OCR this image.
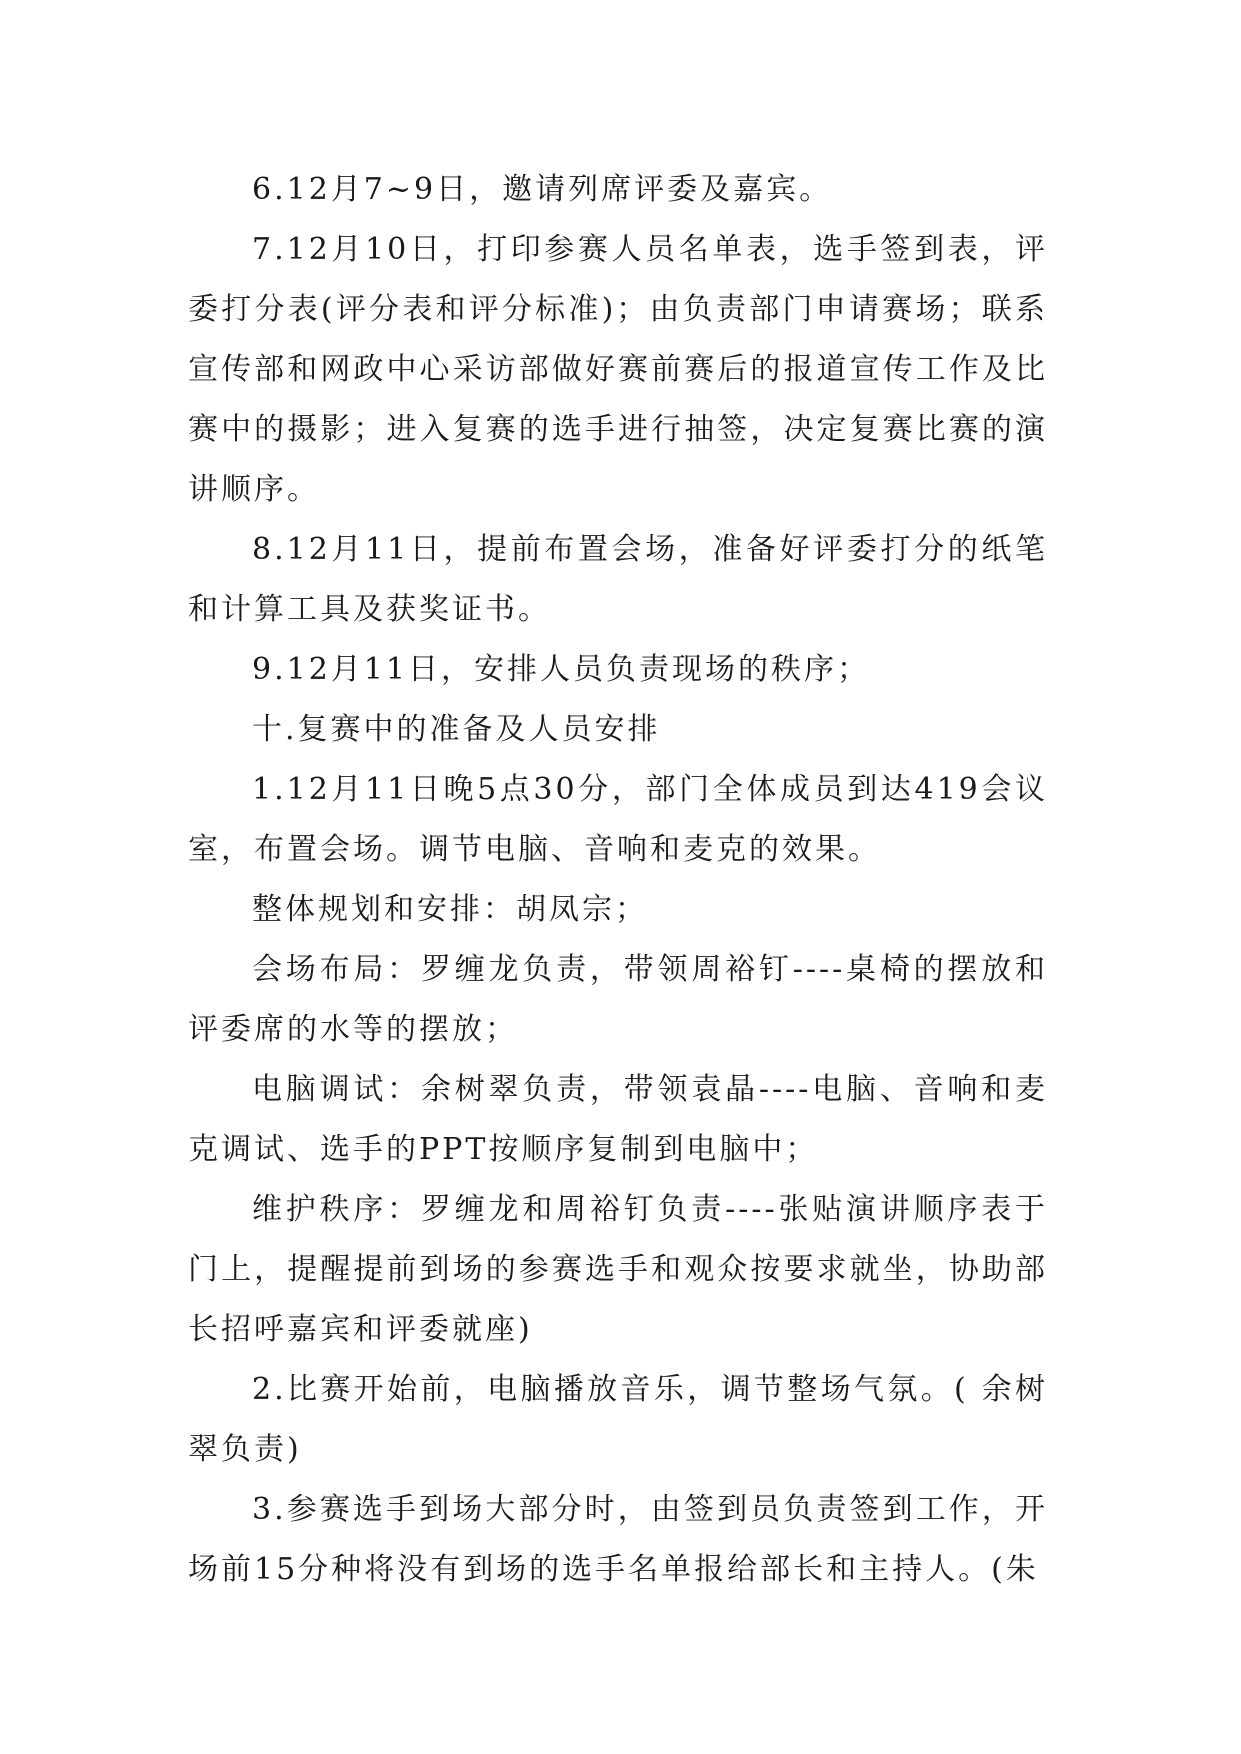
6.12月7~9日，邀请列席评委及嘉宾。

7.12月10日，打印参赛人员名单表，选手签到表，评委打分表(评分表和评分标准)；由负责部门申请赛场；联系宣传部和网政中心采访部做好赛前赛后的报道宣传工作及比赛中的摄影；进入复赛的选手进行抽签，决定复赛比赛的演讲顺序。

8.12月11日，提前布置会场，准备好评委打分的纸笔和计算工具及获奖证书。

9.12月11日，安排人员负责现场的秩序；

十.复赛中的准备及人员安排

1.12月11日晚5点30分，部门全体成员到达419会议室，布置会场。调节电脑、音响和麦克的效果。

整体规划和安排：胡凤宗；

会场布局：罗缠龙负责，带领周裕钉----桌椅的摆放和评委席的水等的摆放；

电脑调试：余树翠负责，带领袁晶----电脑、音响和麦克调试、选手的PPT按顺序复制到电脑中；

维护秩序：罗缠龙和周裕钉负责----张贴演讲顺序表于门上，提醒提前到场的参赛选手和观众按要求就坐，协助部长招呼嘉宾和评委就座)

2.比赛开始前，电脑播放音乐，调节整场气氛。( 余树翠负责)

3.参赛选手到场大部分时，由签到员负责签到工作，开场前15分种将没有到场的选手名单报给部长和主持人。(朱
